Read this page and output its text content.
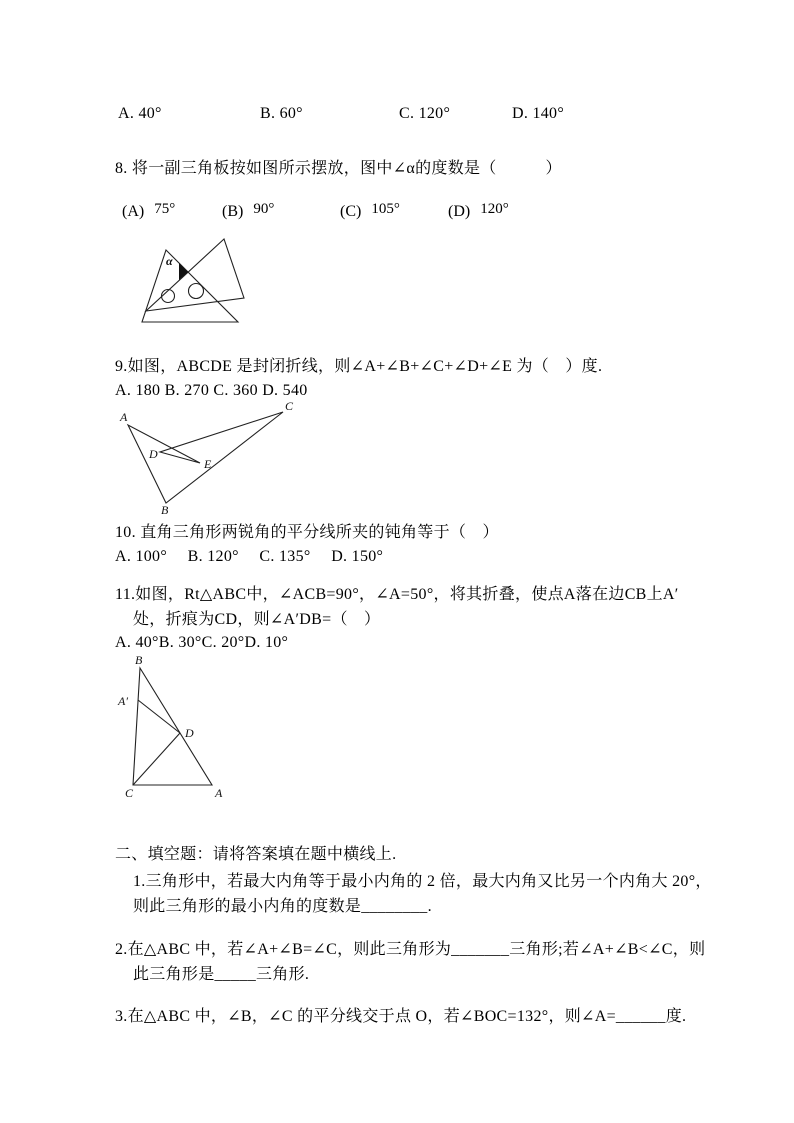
A. 40°	B. 60°	C. 120°	D. 140°
8. 将一副三角板按如图所示摆放，图中∠α的度数是（　　　）
(A) 75°	(B) 90°	(C) 105°	(D) 120°
α
9.如图，ABCDE 是封闭折线，则∠A+∠B+∠C+∠D+∠E 为（　）度.
A. 180 B. 270 C. 360 D. 540
A
B
C
D
E
10. 直角三角形两锐角的平分线所夹的钝角等于（　）
A. 100°　 B. 120°　 C. 135°　 D. 150°
11.如图，Rt△ABC中，∠ACB=90°，∠A=50°，将其折叠，使点A落在边CB上A′
处，折痕为CD，则∠A′DB=（　）
A. 40°B. 30°C. 20°D. 10°
B
A′
D
C	A
二、填空题：请将答案填在题中横线上.
1.三角形中，若最大内角等于最小内角的 2 倍，最大内角又比另一个内角大 20°，
则此三角形的最小内角的度数是________.
2.在△ABC 中，若∠A+∠B=∠C，则此三角形为_______三角形;若∠A+∠B<∠C，则
此三角形是_____三角形.
3.在△ABC 中，∠B，∠C 的平分线交于点 O，若∠BOC=132°，则∠A=______度.
